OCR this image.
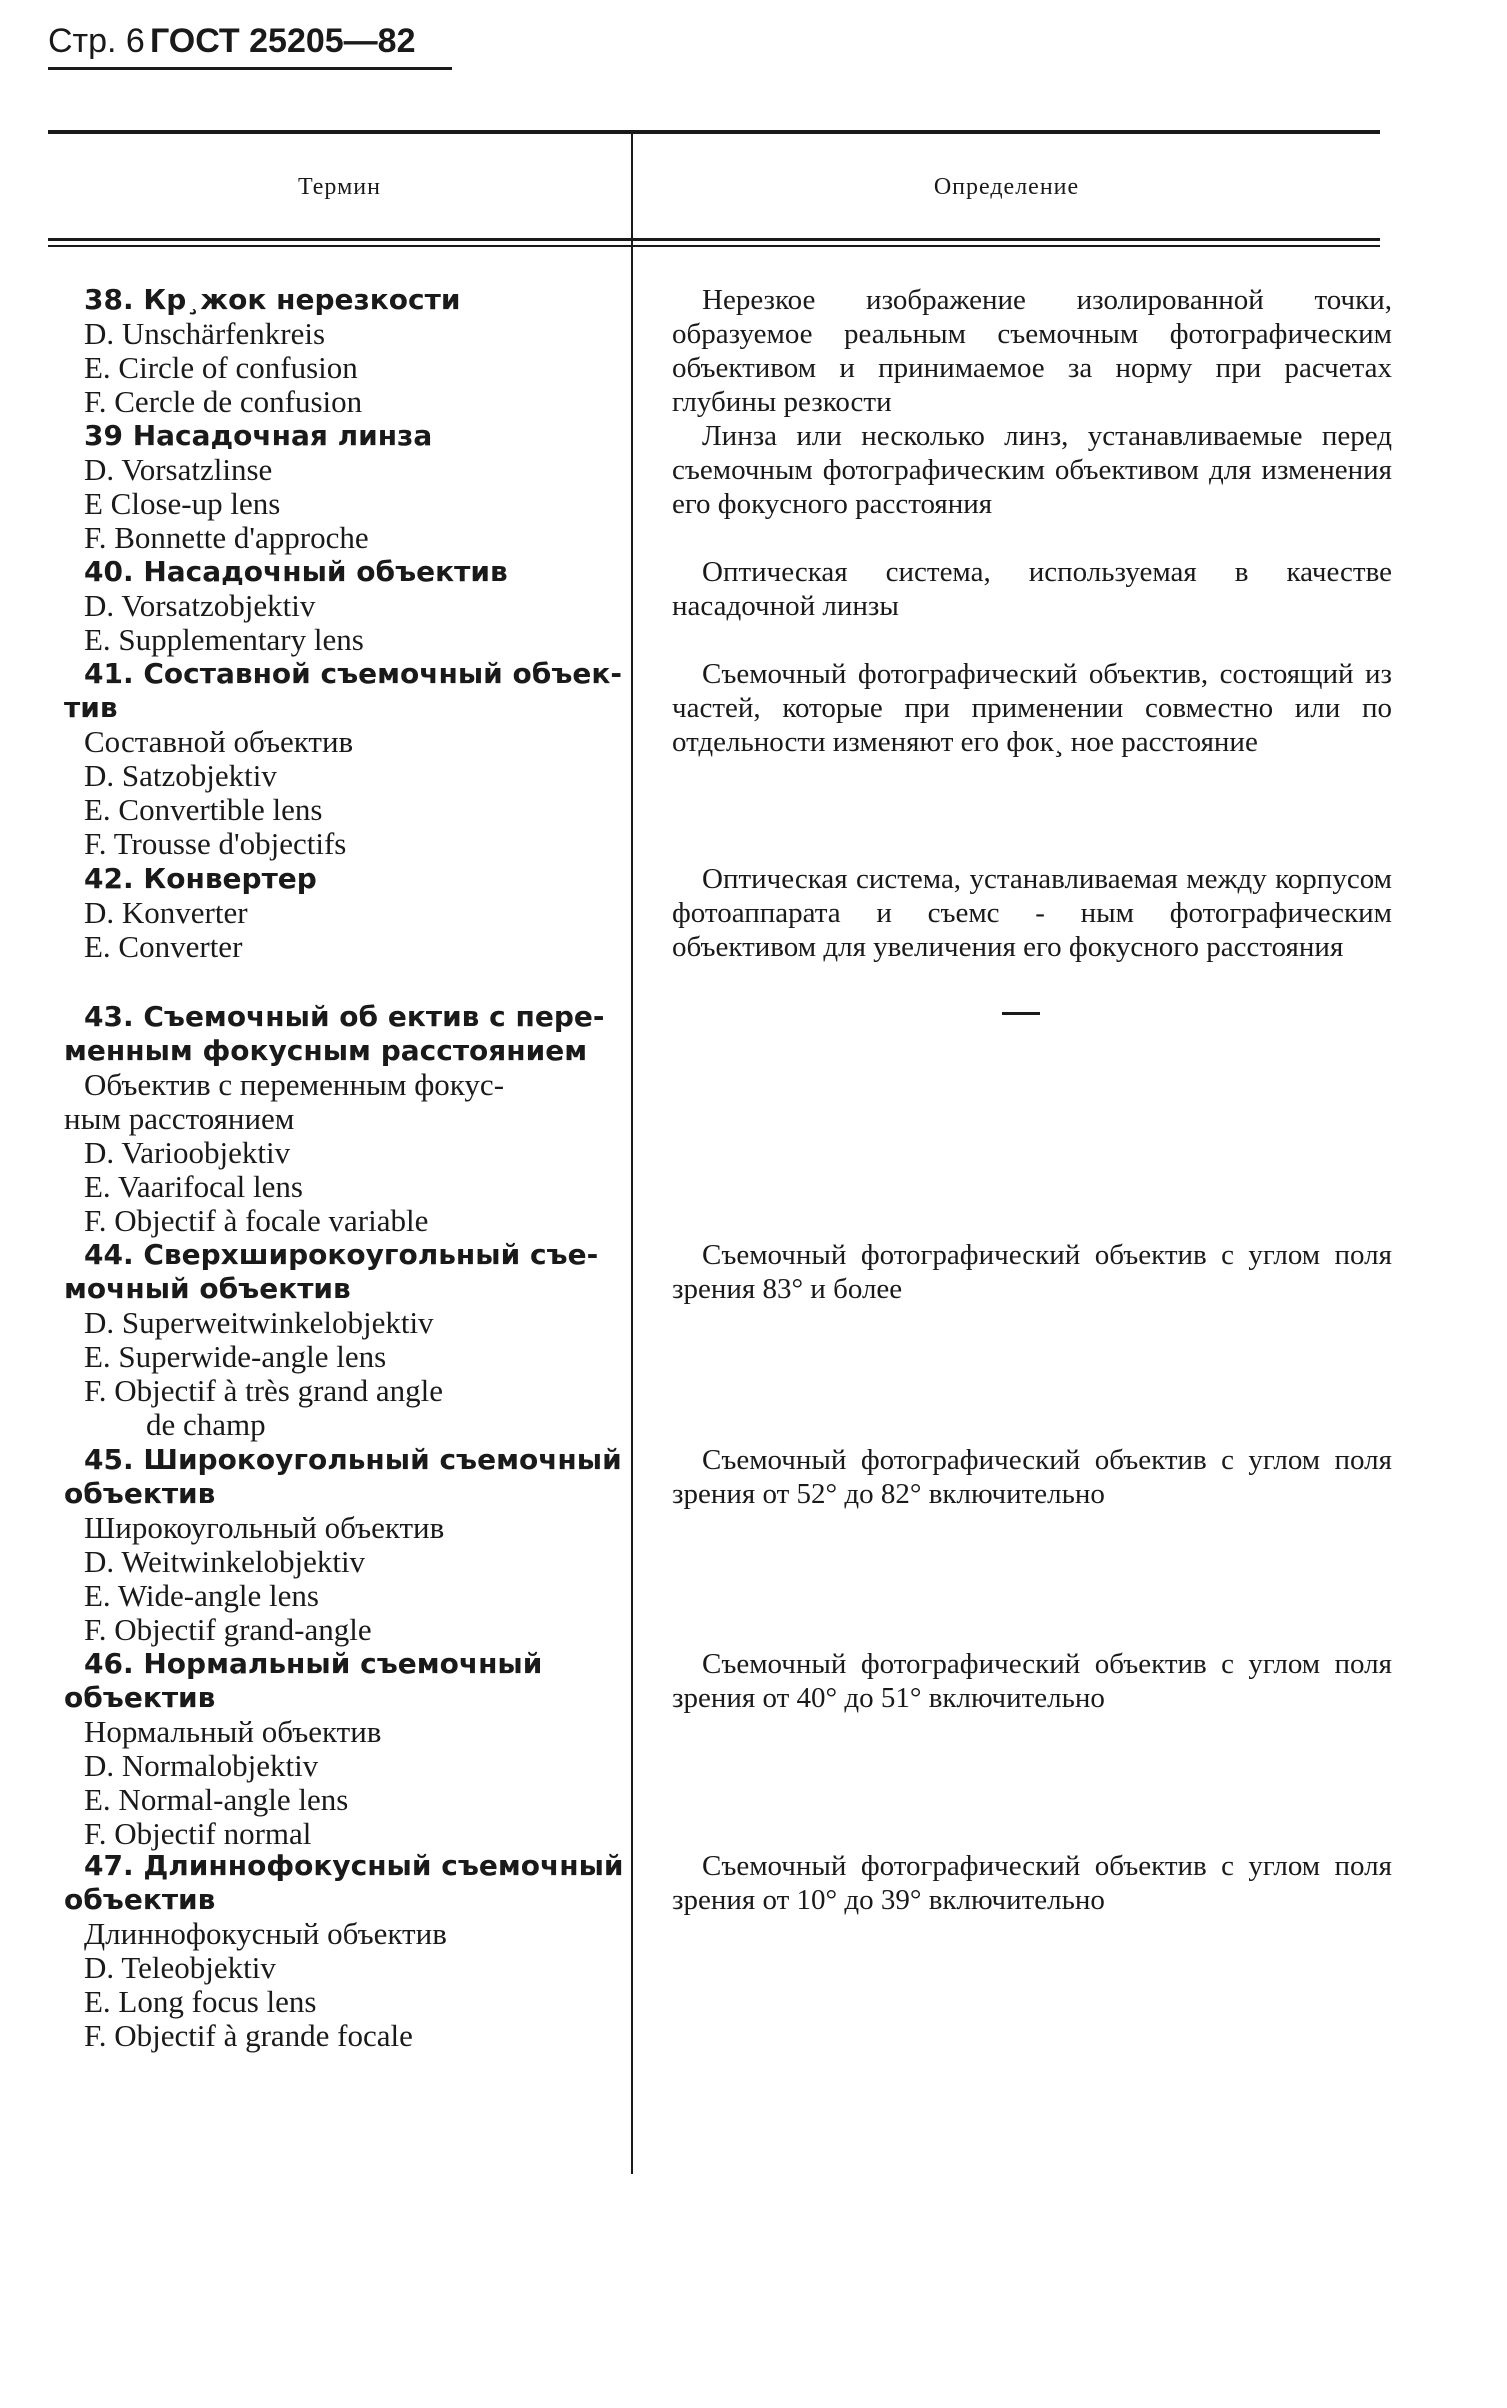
Стр. 6 ГОСТ 25205—82
Термин	Определение
38. Кр¸жок нерезкости
D. Unschärfenkreis
E. Circle of confusion
F. Cercle de confusion
Нерезкое изображение изолированной точки, образуемое реальным съемочным фотографическим объективом и принимаемое за норму при расчетах глубины резкости
39 Насадочная линза
D. Vorsatzlinse
E Close-up lens
F. Bonnette d'approche
Линза или несколько линз, устанавливаемые перед съемочным фотографическим объективом для изменения его фокусного расстояния
40. Насадочный объектив
D. Vorsatzobjektiv
E. Supplementary lens
Оптическая система, используемая в качестве насадочной линзы
41. Составной съемочный объек-
тив
Составной объектив
D. Satzobjektiv
E. Convertible lens
F. Trousse d'objectifs
Съемочный фотографический объектив, состоящий из частей, которые при применении совместно или по отдельности изменяют его фок¸ ное расстояние
42. Конвертер
D. Konverter
E. Converter
Оптическая система, устанавливаемая между корпусом фотоаппарата и съемс - ным фотографическим объективом для увеличения его фокусного расстояния
43. Съемочный об ектив с пере-
менным фокусным расстоянием
Объектив с переменным фокус-
ным расстоянием
D. Varioobjektiv
E. Vaarifocal lens
F. Objectif à focale variable
44. Сверхширокоугольный съе-
мочный объектив
D. Superweitwinkelobjektiv
E. Superwide-angle lens
F. Objectif à très grand angle
de champ
Съемочный фотографический объектив с углом поля зрения 83° и более
45. Широкоугольный съемочный
объектив
Широкоугольный объектив
D. Weitwinkelobjektiv
E. Wide-angle lens
F. Objectif grand-angle
Съемочный фотографический объектив с углом поля зрения от 52° до 82° включительно
46. Нормальный съемочный
объектив
Нормальный объектив
D. Normalobjektiv
E. Normal-angle lens
F. Objectif normal
Съемочный фотографический объектив с углом поля зрения от 40° до 51° включительно
47. Длиннофокусный съемочный
объектив
Длиннофокусный объектив
D. Teleobjektiv
E. Long focus lens
F. Objectif à grande focale
Съемочный фотографический объектив с углом поля зрения от 10° до 39° включительно
